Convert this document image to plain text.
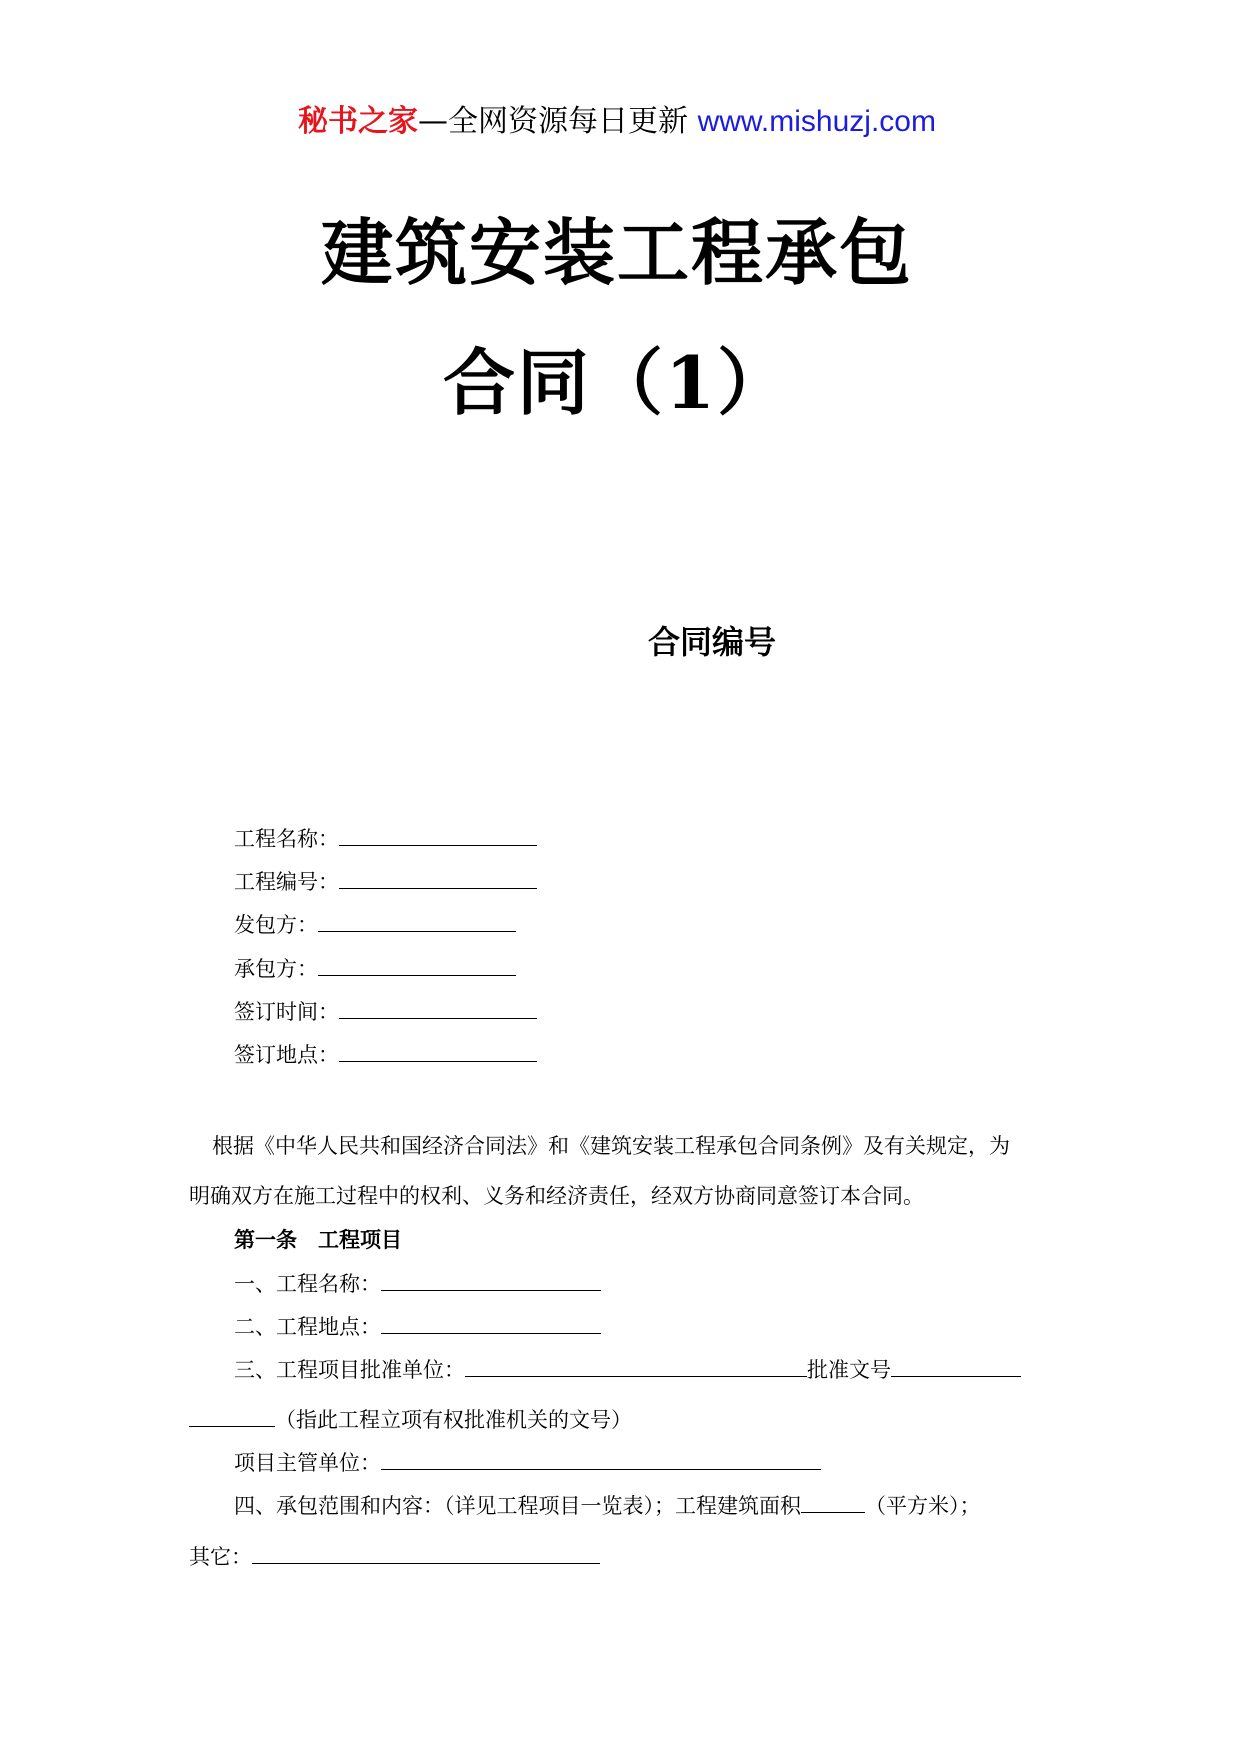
秘书之家—全网资源每日更新 www.mishuzj.com
建筑安装工程承包
合同（1）
合同编号
工程名称：
工程编号：
发包方：
承包方：
签订时间：
签订地点：
根据《中华人民共和国经济合同法》和《建筑安装工程承包合同条例》及有关规定，为
明确双方在施工过程中的权利、义务和经济责任，经双方协商同意签订本合同。
第一条　工程项目
一、工程名称：
二、工程地点：
三、工程项目批准单位：	批准文号
（指此工程立项有权批准机关的文号）
项目主管单位：
四、承包范围和内容：（详见工程项目一览表）；工程建筑面积	（平方米）；
其它：
